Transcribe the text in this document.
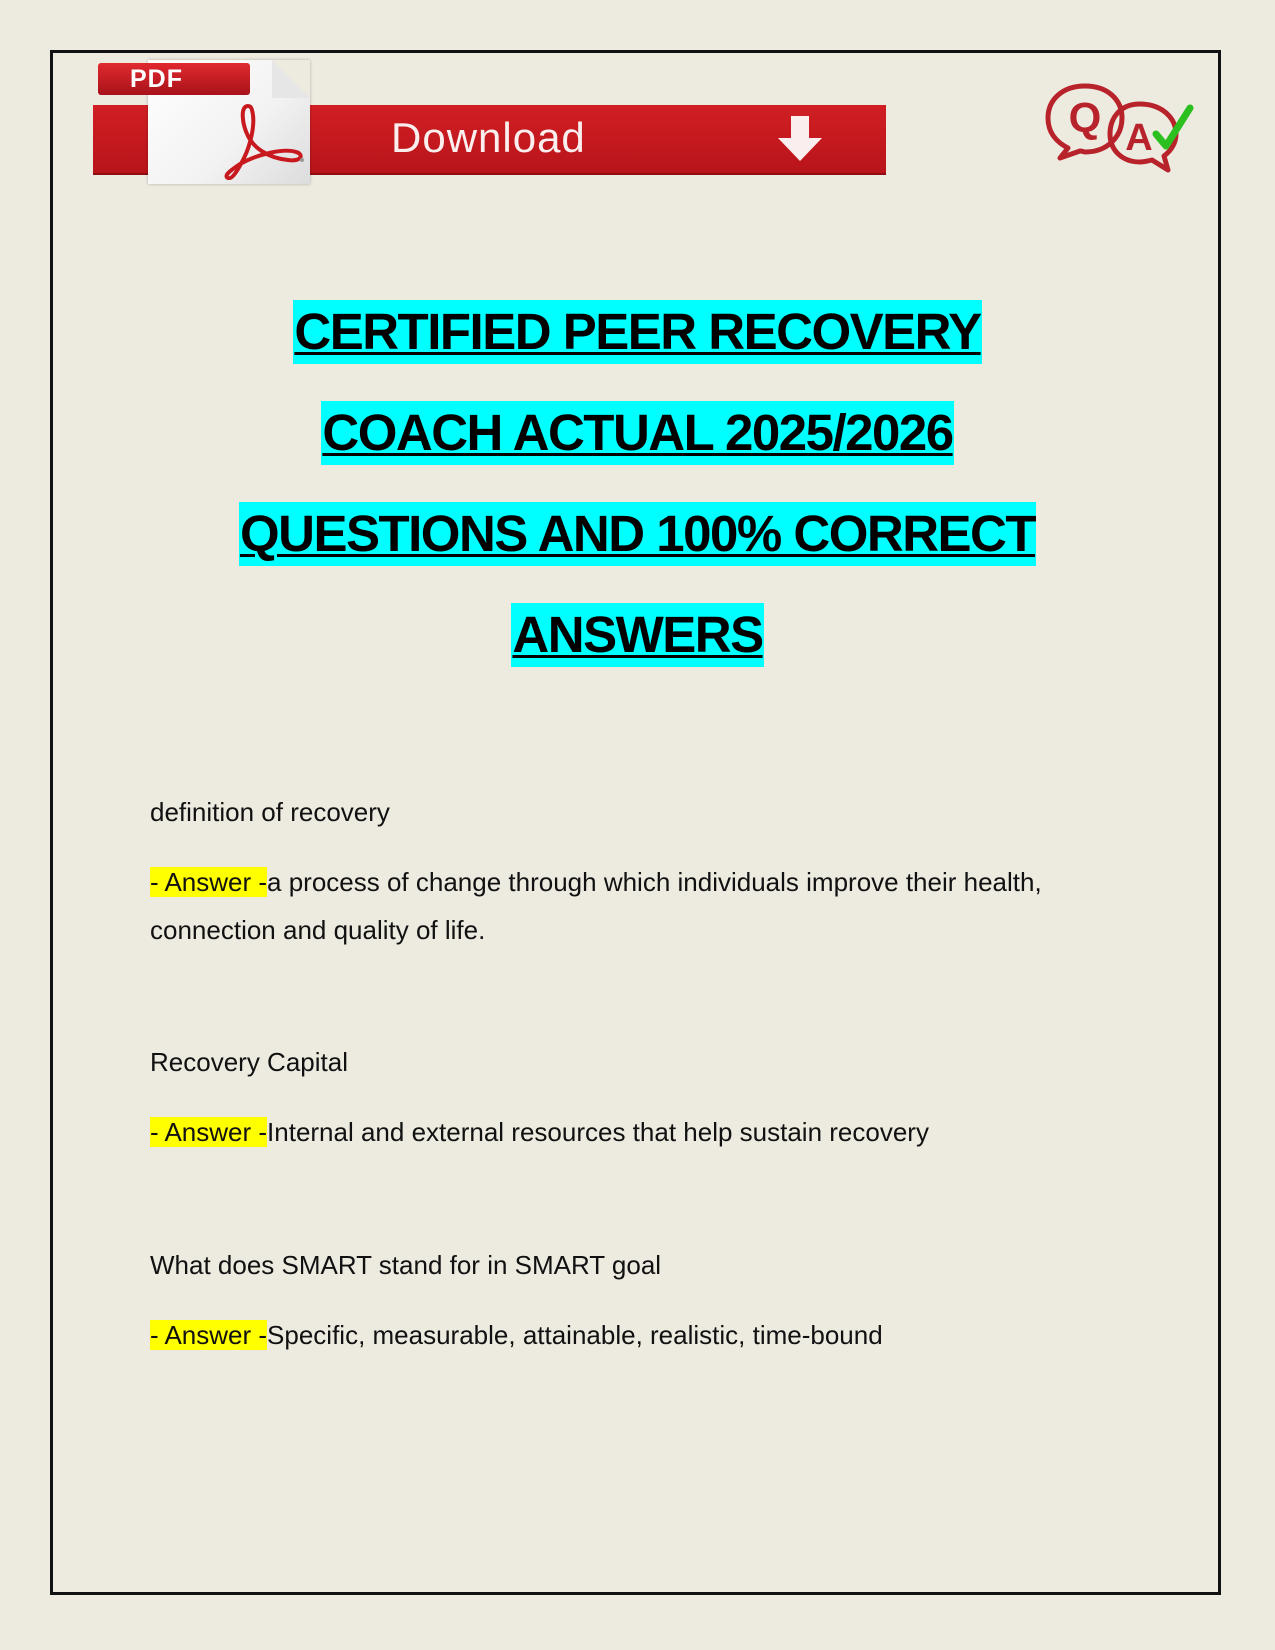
PDF
Download	Q A
CERTIFIED PEER RECOVERY
COACH ACTUAL 2025/2026
QUESTIONS AND 100% CORRECT
ANSWERS

definition of recovery

- Answer -a process of change through which individuals improve their health, connection and quality of life.

Recovery Capital

- Answer -Internal and external resources that help sustain recovery

What does SMART stand for in SMART goal

- Answer -Specific, measurable, attainable, realistic, time-bound
